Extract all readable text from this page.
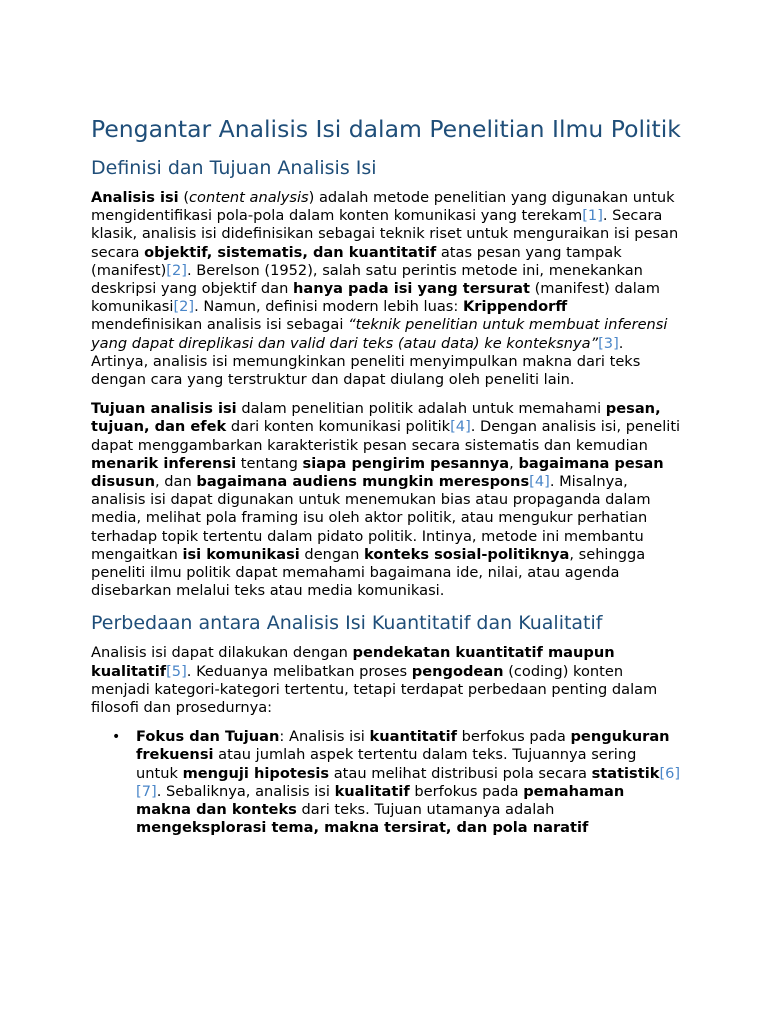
Pengantar Analisis Isi dalam Penelitian Ilmu Politik
Definisi dan Tujuan Analisis Isi

Analisis isi (content analysis) adalah metode penelitian yang digunakan untuk mengidentifikasi pola-pola dalam konten komunikasi yang terekam[1]. Secara klasik, analisis isi didefinisikan sebagai teknik riset untuk menguraikan isi pesan secara objektif, sistematis, dan kuantitatif atas pesan yang tampak (manifest)[2]. Berelson (1952), salah satu perintis metode ini, menekankan deskripsi yang objektif dan hanya pada isi yang tersurat (manifest) dalam komunikasi[2]. Namun, definisi modern lebih luas: Krippendorff mendefinisikan analisis isi sebagai “teknik penelitian untuk membuat inferensi yang dapat direplikasi dan valid dari teks (atau data) ke konteksnya”[3]. Artinya, analisis isi memungkinkan peneliti menyimpulkan makna dari teks dengan cara yang terstruktur dan dapat diulang oleh peneliti lain.

Tujuan analisis isi dalam penelitian politik adalah untuk memahami pesan, tujuan, dan efek dari konten komunikasi politik[4]. Dengan analisis isi, peneliti dapat menggambarkan karakteristik pesan secara sistematis dan kemudian menarik inferensi tentang siapa pengirim pesannya, bagaimana pesan disusun, dan bagaimana audiens mungkin merespons[4]. Misalnya, analisis isi dapat digunakan untuk menemukan bias atau propaganda dalam media, melihat pola framing isu oleh aktor politik, atau mengukur perhatian terhadap topik tertentu dalam pidato politik. Intinya, metode ini membantu mengaitkan isi komunikasi dengan konteks sosial-politiknya, sehingga peneliti ilmu politik dapat memahami bagaimana ide, nilai, atau agenda disebarkan melalui teks atau media komunikasi.

Perbedaan antara Analisis Isi Kuantitatif dan Kualitatif

Analisis isi dapat dilakukan dengan pendekatan kuantitatif maupun kualitatif[5]. Keduanya melibatkan proses pengodean (coding) konten menjadi kategori-kategori tertentu, tetapi terdapat perbedaan penting dalam filosofi dan prosedurnya:

• Fokus dan Tujuan: Analisis isi kuantitatif berfokus pada pengukuran frekuensi atau jumlah aspek tertentu dalam teks. Tujuannya sering untuk menguji hipotesis atau melihat distribusi pola secara statistik[6][7]. Sebaliknya, analisis isi kualitatif berfokus pada pemahaman makna dan konteks dari teks. Tujuan utamanya adalah mengeksplorasi tema, makna tersirat, dan pola naratif
